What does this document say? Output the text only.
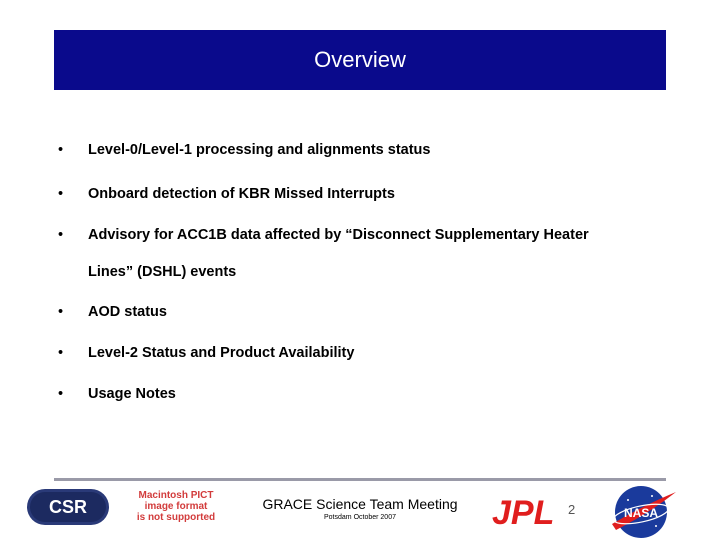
Overview
• Level-0/Level-1 processing and alignments status
• Onboard detection of KBR Missed Interrupts
• Advisory for ACC1B data affected by “Disconnect Supplementary Heater
Lines” (DSHL) events
• AOD status
• Level-2 Status and Product Availability
• Usage Notes
CSR
Macintosh PICT
image format
is not supported
GRACE Science Team Meeting
Potsdam October 2007	JPL 2	NASA
